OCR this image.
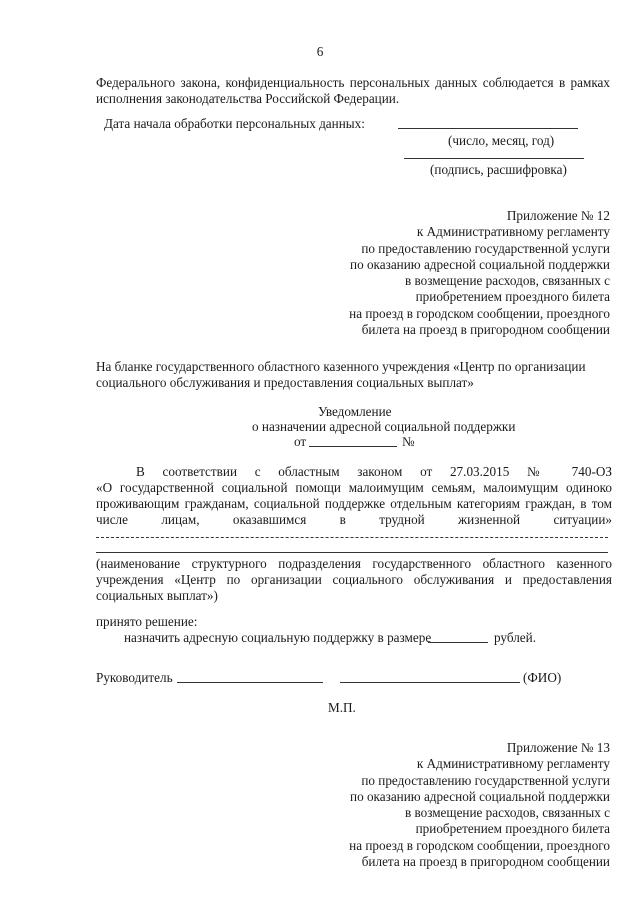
6
Федерального закона, конфиденциальность персональных данных соблюдается в рамках
исполнения законодательства Российской Федерации.
Дата начала обработки персональных данных:
(число, месяц, год)
(подпись, расшифровка)
Приложение № 12
к Административному регламенту
по предоставлению государственной услуги
по оказанию адресной социальной поддержки
в возмещение расходов, связанных с
приобретением проездного билета
на проезд в городском сообщении, проездного
билета на проезд в пригородном сообщении
На бланке государственного областного казенного учреждения «Центр по организации
социального обслуживания и предоставления социальных выплат»
Уведомление
о назначении адресной социальной поддержки
от	№
В соответствии с областным законом от 27.03.2015 № 740-ОЗ
«О государственной социальной помощи малоимущим семьям, малоимущим одиноко
проживающим гражданам, социальной поддержке отдельным категориям граждан, в том
числе лицам, оказавшимся в трудной жизненной ситуации»
(наименование структурного подразделения государственного областного казенного
учреждения «Центр по организации социального обслуживания и предоставления
социальных выплат»)
принято решение:
назначить адресную социальную поддержку в размере	рублей.
Руководитель	(ФИО)
М.П.
Приложение № 13
к Административному регламенту
по предоставлению государственной услуги
по оказанию адресной социальной поддержки
в возмещение расходов, связанных с
приобретением проездного билета
на проезд в городском сообщении, проездного
билета на проезд в пригородном сообщении
